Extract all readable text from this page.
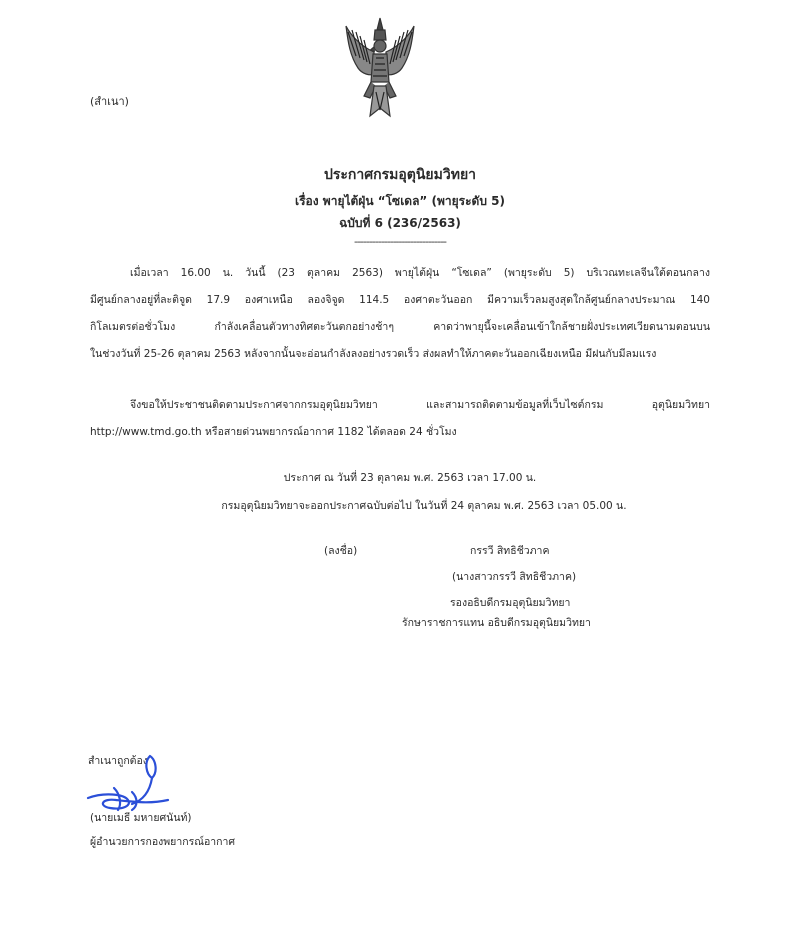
(สำเนา)
ประกาศกรมอุตุนิยมวิทยา
เรื่อง พายุไต้ฝุ่น “โซเดล” (พายุระดับ 5)
ฉบับที่ 6 (236/2563)
-------------------------------
เมื่อเวลา 16.00 น. วันนี้ (23 ตุลาคม 2563) พายุไต้ฝุ่น “โซเดล” (พายุระดับ 5) บริเวณทะเลจีนใต้ตอนกลาง
มีศูนย์กลางอยู่ที่ละติจูด 17.9 องศาเหนือ ลองจิจูด 114.5 องศาตะวันออก มีความเร็วลมสูงสุดใกล้ศูนย์กลางประมาณ 140
กิโลเมตรต่อชั่วโมง กำลังเคลื่อนตัวทางทิศตะวันตกอย่างช้าๆ คาดว่าพายุนี้จะเคลื่อนเข้าใกล้ชายฝั่งประเทศเวียดนามตอนบน
ในช่วงวันที่ 25-26 ตุลาคม 2563 หลังจากนั้นจะอ่อนกำลังลงอย่างรวดเร็ว ส่งผลทำให้ภาคตะวันออกเฉียงเหนือ มีฝนกับมีลมแรง
จึงขอให้ประชาชนติดตามประกาศจากกรมอุตุนิยมวิทยา และสามารถติดตามข้อมูลที่เว็บไซต์กรม อุตุนิยมวิทยา
http://www.tmd.go.th หรือสายด่วนพยากรณ์อากาศ 1182 ได้ตลอด 24 ชั่วโมง
ประกาศ ณ วันที่ 23 ตุลาคม พ.ศ. 2563 เวลา 17.00 น.
กรมอุตุนิยมวิทยาจะออกประกาศฉบับต่อไป ในวันที่ 24 ตุลาคม พ.ศ. 2563 เวลา 05.00 น.
(ลงชื่อ)	กรรวี สิทธิชีวภาค
(นางสาวกรรวี สิทธิชีวภาค)
รองอธิบดีกรมอุตุนิยมวิทยา
รักษาราชการแทน อธิบดีกรมอุตุนิยมวิทยา
สำเนาถูกต้อง
(นายเมธี มหายศนันท์)
ผู้อำนวยการกองพยากรณ์อากาศ
